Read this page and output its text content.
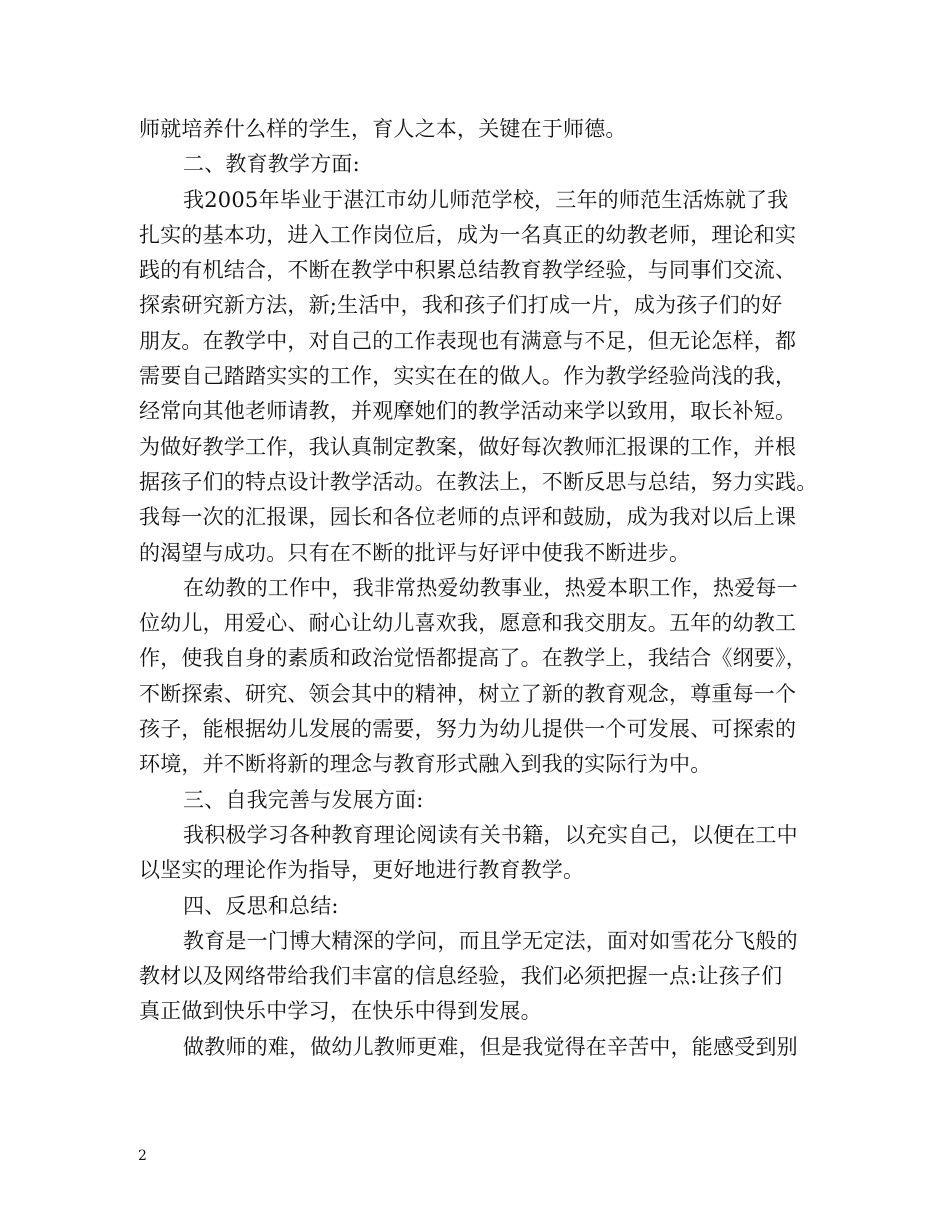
师就培养什么样的学生，育人之本，关键在于师德。
二、教育教学方面:
我2005年毕业于湛江市幼儿师范学校，三年的师范生活炼就了我
扎实的基本功，进入工作岗位后，成为一名真正的幼教老师，理论和实
践的有机结合，不断在教学中积累总结教育教学经验，与同事们交流、
探索研究新方法，新;生活中，我和孩子们打成一片，成为孩子们的好
朋友。在教学中，对自己的工作表现也有满意与不足，但无论怎样，都
需要自己踏踏实实的工作，实实在在的做人。作为教学经验尚浅的我，
经常向其他老师请教，并观摩她们的教学活动来学以致用，取长补短。
为做好教学工作，我认真制定教案，做好每次教师汇报课的工作，并根
据孩子们的特点设计教学活动。在教法上，不断反思与总结，努力实践。
我每一次的汇报课，园长和各位老师的点评和鼓励，成为我对以后上课
的渴望与成功。只有在不断的批评与好评中使我不断进步。
在幼教的工作中，我非常热爱幼教事业，热爱本职工作，热爱每一
位幼儿，用爱心、耐心让幼儿喜欢我，愿意和我交朋友。五年的幼教工
作，使我自身的素质和政治觉悟都提高了。在教学上，我结合《纲要》，
不断探索、研究、领会其中的精神，树立了新的教育观念，尊重每一个
孩子，能根据幼儿发展的需要，努力为幼儿提供一个可发展、可探索的
环境，并不断将新的理念与教育形式融入到我的实际行为中。
三、自我完善与发展方面:
我积极学习各种教育理论阅读有关书籍，以充实自己，以便在工中
以坚实的理论作为指导，更好地进行教育教学。
四、反思和总结:
教育是一门博大精深的学问，而且学无定法，面对如雪花分飞般的
教材以及网络带给我们丰富的信息经验，我们必须把握一点:让孩子们
真正做到快乐中学习，在快乐中得到发展。
做教师的难，做幼儿教师更难，但是我觉得在辛苦中，能感受到别
2
